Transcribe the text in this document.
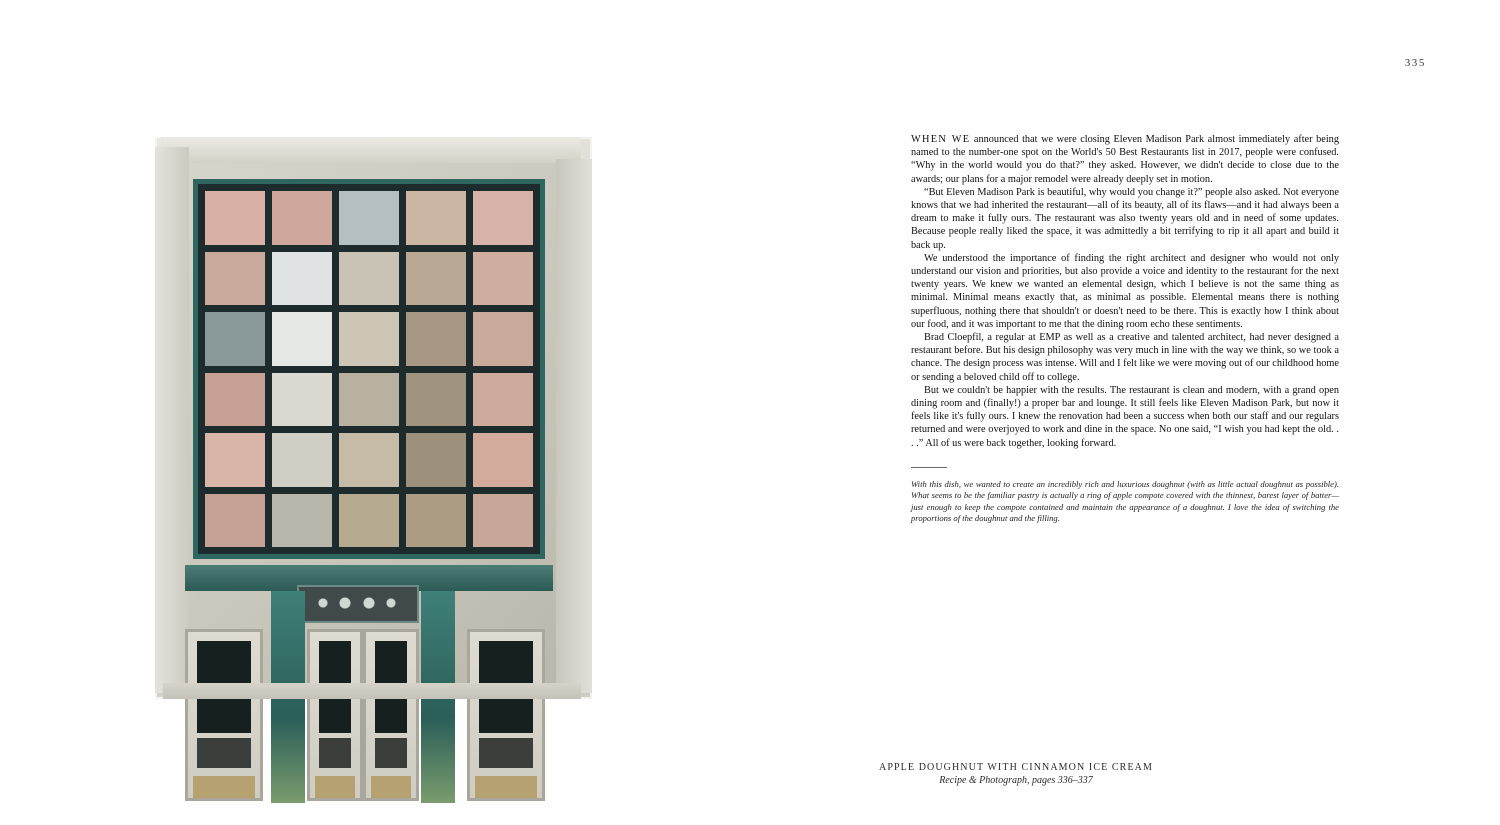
335
APPLE DOUGHNUT WITH CINNAMON ICE CREAM
Recipe & Photograph, pages 336–337

WHEN WE announced that we were closing Eleven Madison Park almost immediately after being named to the number-one spot on the World's 50 Best Restaurants list in 2017, people were confused. “Why in the world would you do that?” they asked. However, we didn't decide to close due to the awards; our plans for a major remodel were already deeply set in motion.

“But Eleven Madison Park is beautiful, why would you change it?” people also asked. Not everyone knows that we had inherited the restaurant—all of its beauty, all of its flaws—and it had always been a dream to make it fully ours. The restaurant was also twenty years old and in need of some updates. Because people really liked the space, it was admittedly a bit terrifying to rip it all apart and build it back up.

We understood the importance of finding the right architect and designer who would not only understand our vision and priorities, but also provide a voice and identity to the restaurant for the next twenty years. We knew we wanted an elemental design, which I believe is not the same thing as minimal. Minimal means exactly that, as minimal as possible. Elemental means there is nothing superfluous, nothing there that shouldn't or doesn't need to be there. This is exactly how I think about our food, and it was important to me that the dining room echo these sentiments.

Brad Cloepfil, a regular at EMP as well as a creative and talented architect, had never designed a restaurant before. But his design philosophy was very much in line with the way we think, so we took a chance. The design process was intense. Will and I felt like we were moving out of our childhood home or sending a beloved child off to college.

But we couldn't be happier with the results. The restaurant is clean and modern, with a grand open dining room and (finally!) a proper bar and lounge. It still feels like Eleven Madison Park, but now it feels like it's fully ours. I knew the renovation had been a success when both our staff and our regulars returned and were overjoyed to work and dine in the space. No one said, “I wish you had kept the old. . . .” All of us were back together, looking forward.

With this dish, we wanted to create an incredibly rich and luxurious doughnut (with as little actual doughnut as possible). What seems to be the familiar pastry is actually a ring of apple compote covered with the thinnest, barest layer of batter—just enough to keep the compote contained and maintain the appearance of a doughnut. I love the idea of switching the proportions of the doughnut and the filling.
